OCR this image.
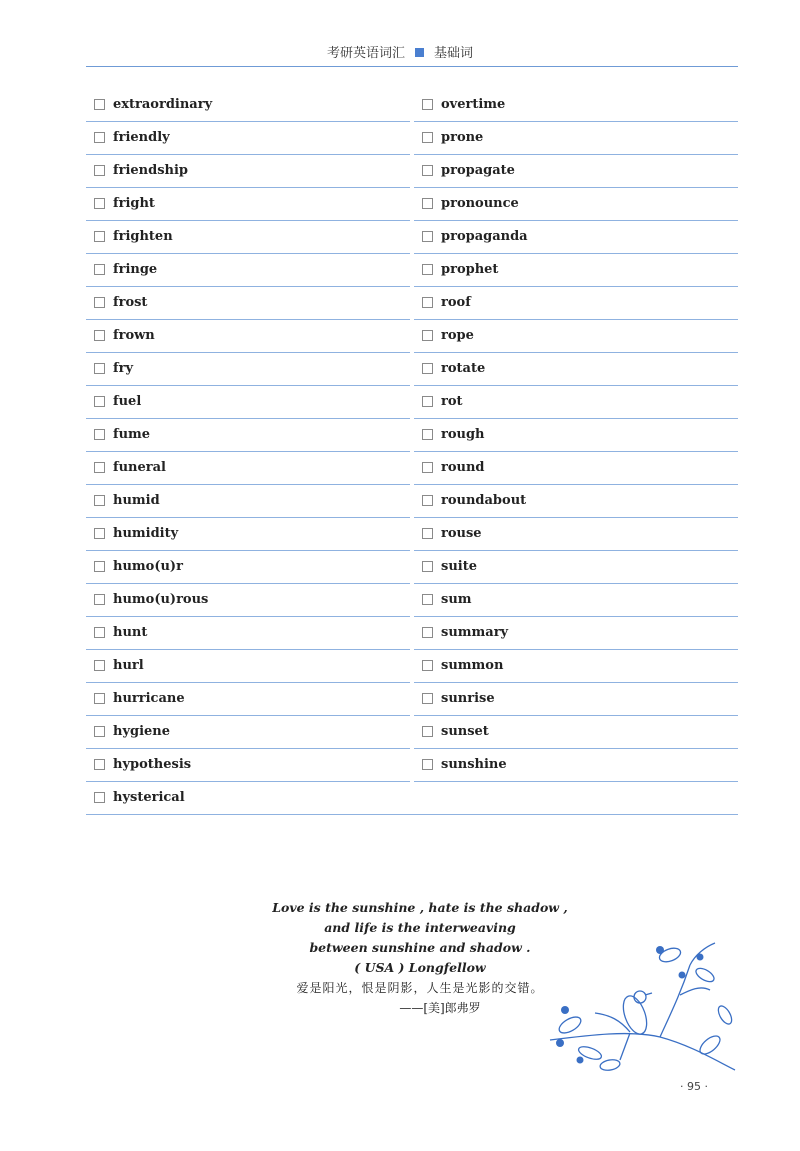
考研英语词汇 基础词
extraordinary	overtime
friendly	prone
friendship	propagate
fright	pronounce
frighten	propaganda
fringe	prophet
frost	roof
frown	rope
fry	rotate
fuel	rot
fume	rough
funeral	round
humid	roundabout
humidity	rouse
humo(u)r	suite
humo(u)rous	sum
hunt	summary
hurl	summon
hurricane	sunrise
hygiene	sunset
hypothesis	sunshine
hysterical
Love is the sunshine , hate is the shadow ,
and life is the interweaving
between sunshine and shadow .
( USA ) Longfellow
爱是阳光，恨是阴影，人生是光影的交错。
——[美]郎弗罗
· 95 ·
